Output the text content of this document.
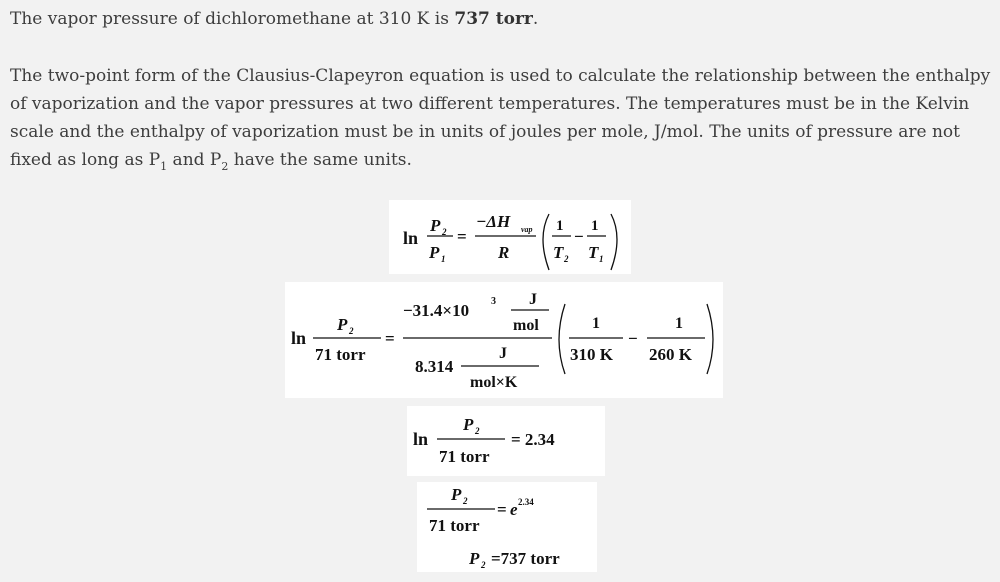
The vapor pressure of dichloromethane at 310 K is 737 torr.

The two-point form of the Clausius-Clapeyron equation is used to calculate the relationship between the enthalpy of vaporization and the vapor pressures at two different temperatures. The temperatures must be in the Kelvin scale and the enthalpy of vaporization must be in units of joules per mole, J/mol. The units of pressure are not fixed as long as $P_1$ and $P_2$ have the same units.

ln
P 2
P 1
=
−ΔH vap
R
1
T 2
−
1
T 1
ln
P 2
71 torr
=
−31.4×10 3 J
mol
J
8.314
mol×K
1
310 K
−
1
260 K
ln
P 2
71 torr
= 2.34
P 2
71 torr
= e 2.34
P 2 =737 torr
